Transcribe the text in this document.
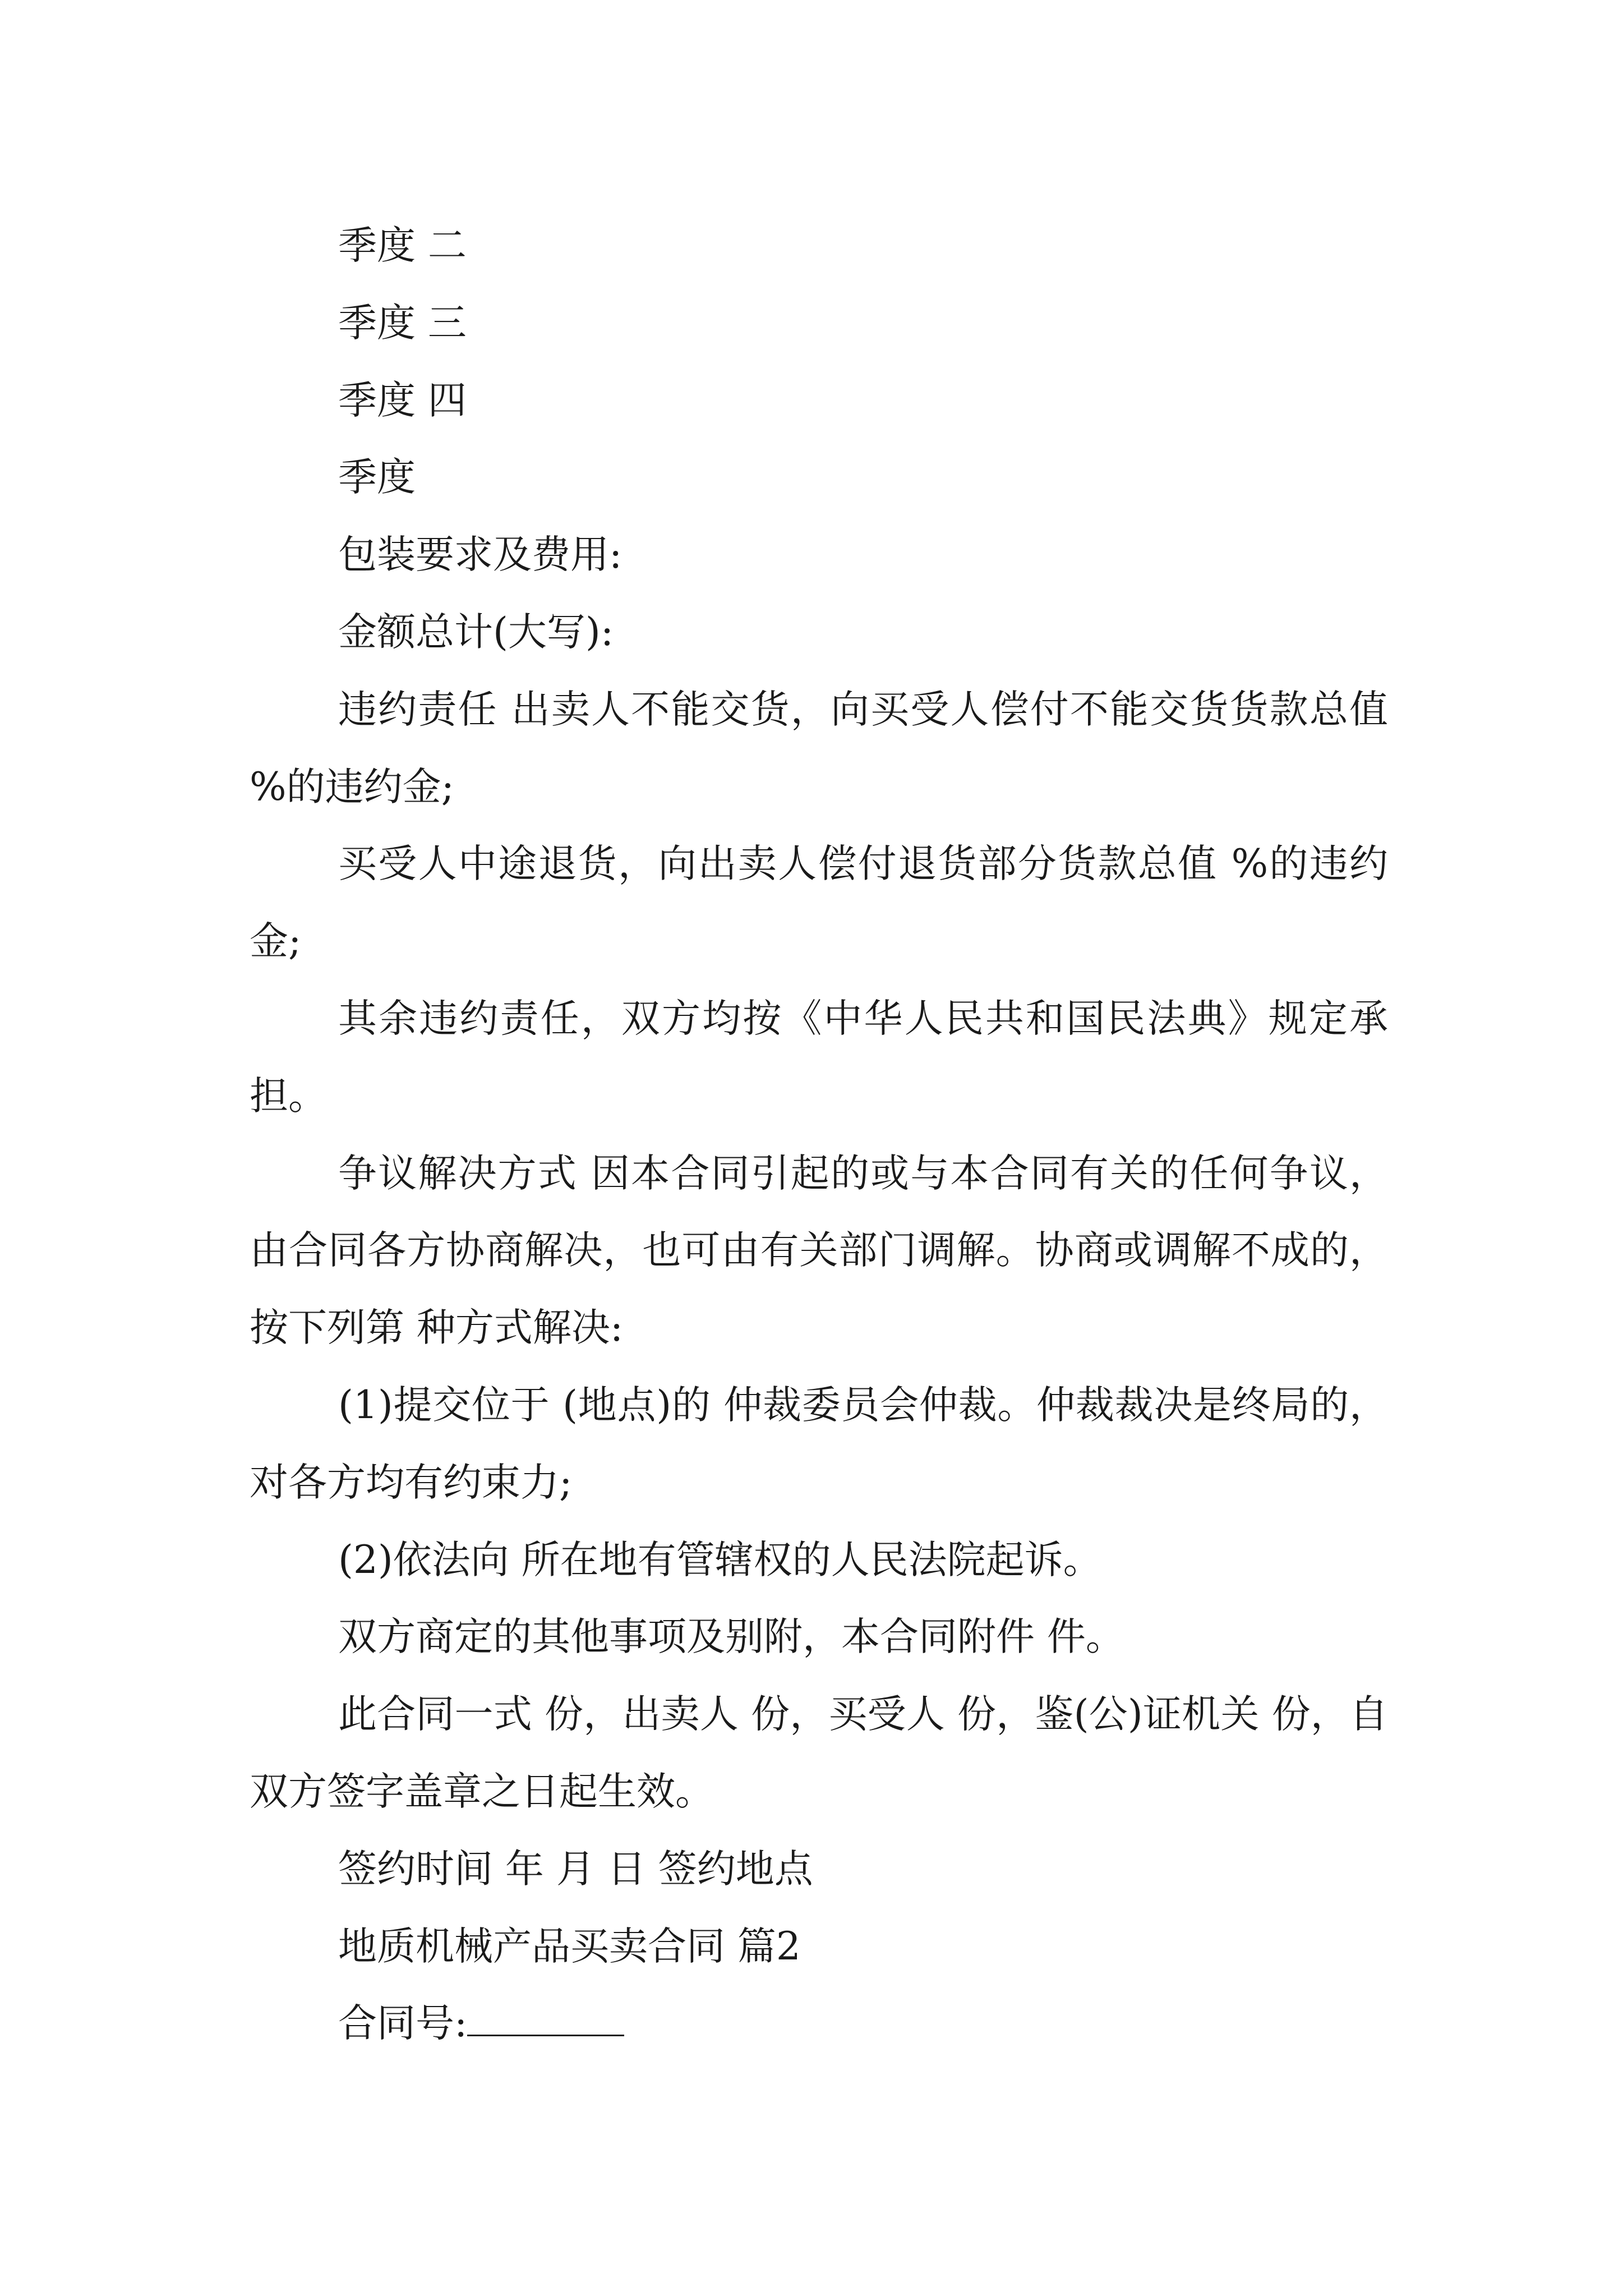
季度 二

季度 三

季度 四

季度

包装要求及费用:

金额总计(大写):

违约责任 出卖人不能交货，向买受人偿付不能交货货款总值 %的违约金;

买受人中途退货，向出卖人偿付退货部分货款总值 %的违约金;

其余违约责任，双方均按《中华人民共和国民法典》规定承担。

争议解决方式 因本合同引起的或与本合同有关的任何争议，由合同各方协商解决，也可由有关部门调解。协商或调解不成的，按下列第 种方式解决:

(1)提交位于 (地点)的 仲裁委员会仲裁。仲裁裁决是终局的，对各方均有约束力;

(2)依法向 所在地有管辖权的人民法院起诉。

双方商定的其他事项及别附，本合同附件 件。

此合同一式 份，出卖人 份，买受人 份，鉴(公)证机关 份，自双方签字盖章之日起生效。

签约时间 年 月 日 签约地点

地质机械产品买卖合同 篇2

合同号:
